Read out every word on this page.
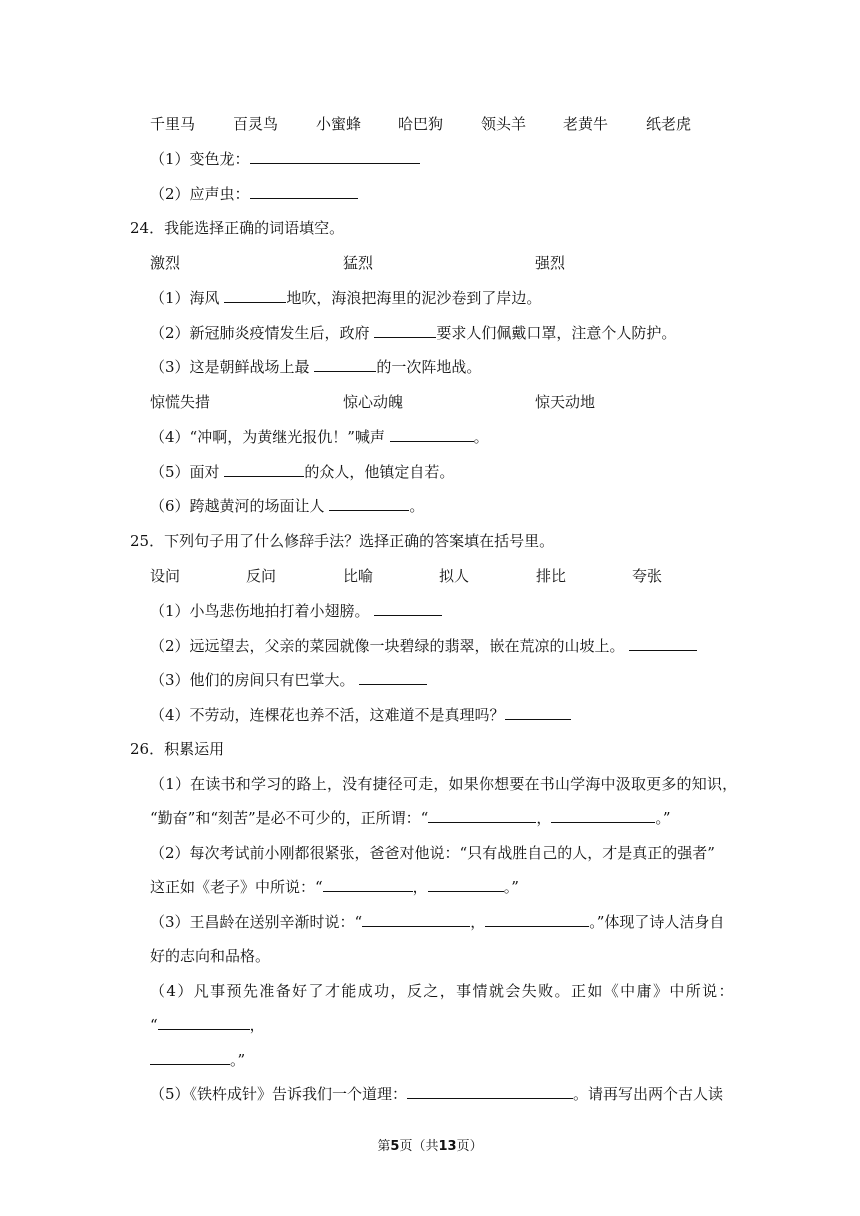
千里马	百灵鸟	小蜜蜂 哈巴狗	领头羊 老黄牛	纸老虎
（1）变色龙：
（2）应声虫：
24．我能选择正确的词语填空。
激烈	猛烈	强烈
（1）海风	地吹，海浪把海里的泥沙卷到了岸边。
（2）新冠肺炎疫情发生后，政府	要求人们佩戴口罩，注意个人防护。
（3）这是朝鲜战场上最	的一次阵地战。
惊慌失措	惊心动魄	惊天动地
（4）“冲啊，为黄继光报仇！”喊声	。
（5）面对	的众人，他镇定自若。
（6）跨越黄河的场面让人	。
25．下列句子用了什么修辞手法？选择正确的答案填在括号里。
设问	反问	比喻	拟人	排比	夸张
（1）小鸟悲伤地拍打着小翅膀。
（2）远远望去，父亲的菜园就像一块碧绿的翡翠，嵌在荒凉的山坡上。
（3）他们的房间只有巴掌大。
（4）不劳动，连棵花也养不活，这难道不是真理吗？
26．积累运用
（1）在读书和学习的路上，没有捷径可走，如果你想要在书山学海中汲取更多的知识，
“勤奋”和“刻苦”是必不可少的，正所谓：“	，	。”
（2）每次考试前小刚都很紧张，爸爸对他说：“只有战胜自己的人，才是真正的强者”
这正如《老子》中所说：“	，	。”
（3）王昌龄在送别辛渐时说：“	，	。”体现了诗人洁身自
好的志向和品格。
（4）凡事预先准备好了才能成功，反之，事情就会失败。正如《中庸》中所说：
“	，
。”
（5）《铁杵成针》告诉我们一个道理：	。请再写出两个古人读
第5页（共13页）
